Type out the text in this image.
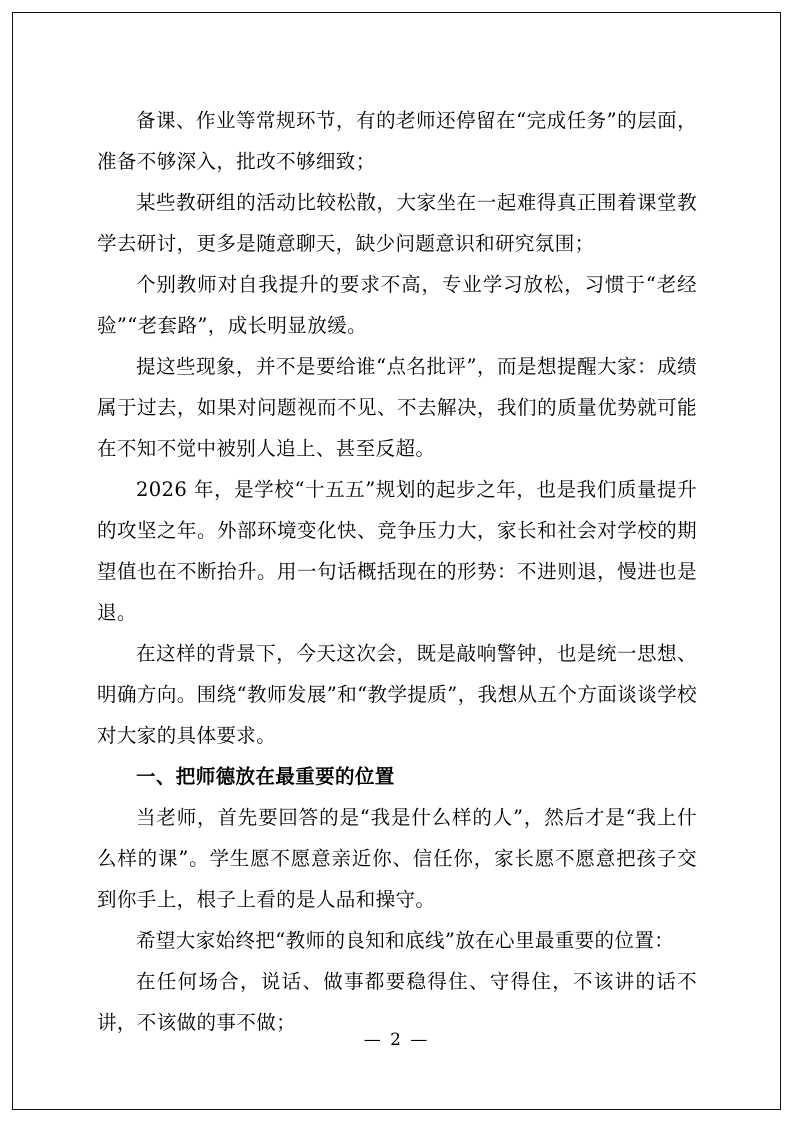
备课、作业等常规环节，有的老师还停留在“完成任务”的层面，准备不够深入，批改不够细致；

某些教研组的活动比较松散，大家坐在一起难得真正围着课堂教学去研讨，更多是随意聊天，缺少问题意识和研究氛围；

个别教师对自我提升的要求不高，专业学习放松，习惯于“老经验”“老套路”，成长明显放缓。

提这些现象，并不是要给谁“点名批评”，而是想提醒大家：成绩属于过去，如果对问题视而不见、不去解决，我们的质量优势就可能在不知不觉中被别人追上、甚至反超。

2026 年，是学校“十五五”规划的起步之年，也是我们质量提升的攻坚之年。外部环境变化快、竞争压力大，家长和社会对学校的期望值也在不断抬升。用一句话概括现在的形势：不进则退，慢进也是退。

在这样的背景下，今天这次会，既是敲响警钟，也是统一思想、明确方向。围绕“教师发展”和“教学提质”，我想从五个方面谈谈学校对大家的具体要求。

一、把师德放在最重要的位置

当老师，首先要回答的是“我是什么样的人”，然后才是“我上什么样的课”。学生愿不愿意亲近你、信任你，家长愿不愿意把孩子交到你手上，根子上看的是人品和操守。

希望大家始终把“教师的良知和底线”放在心里最重要的位置：

在任何场合，说话、做事都要稳得住、守得住，不该讲的话不讲，不该做的事不做；

— 2 —
